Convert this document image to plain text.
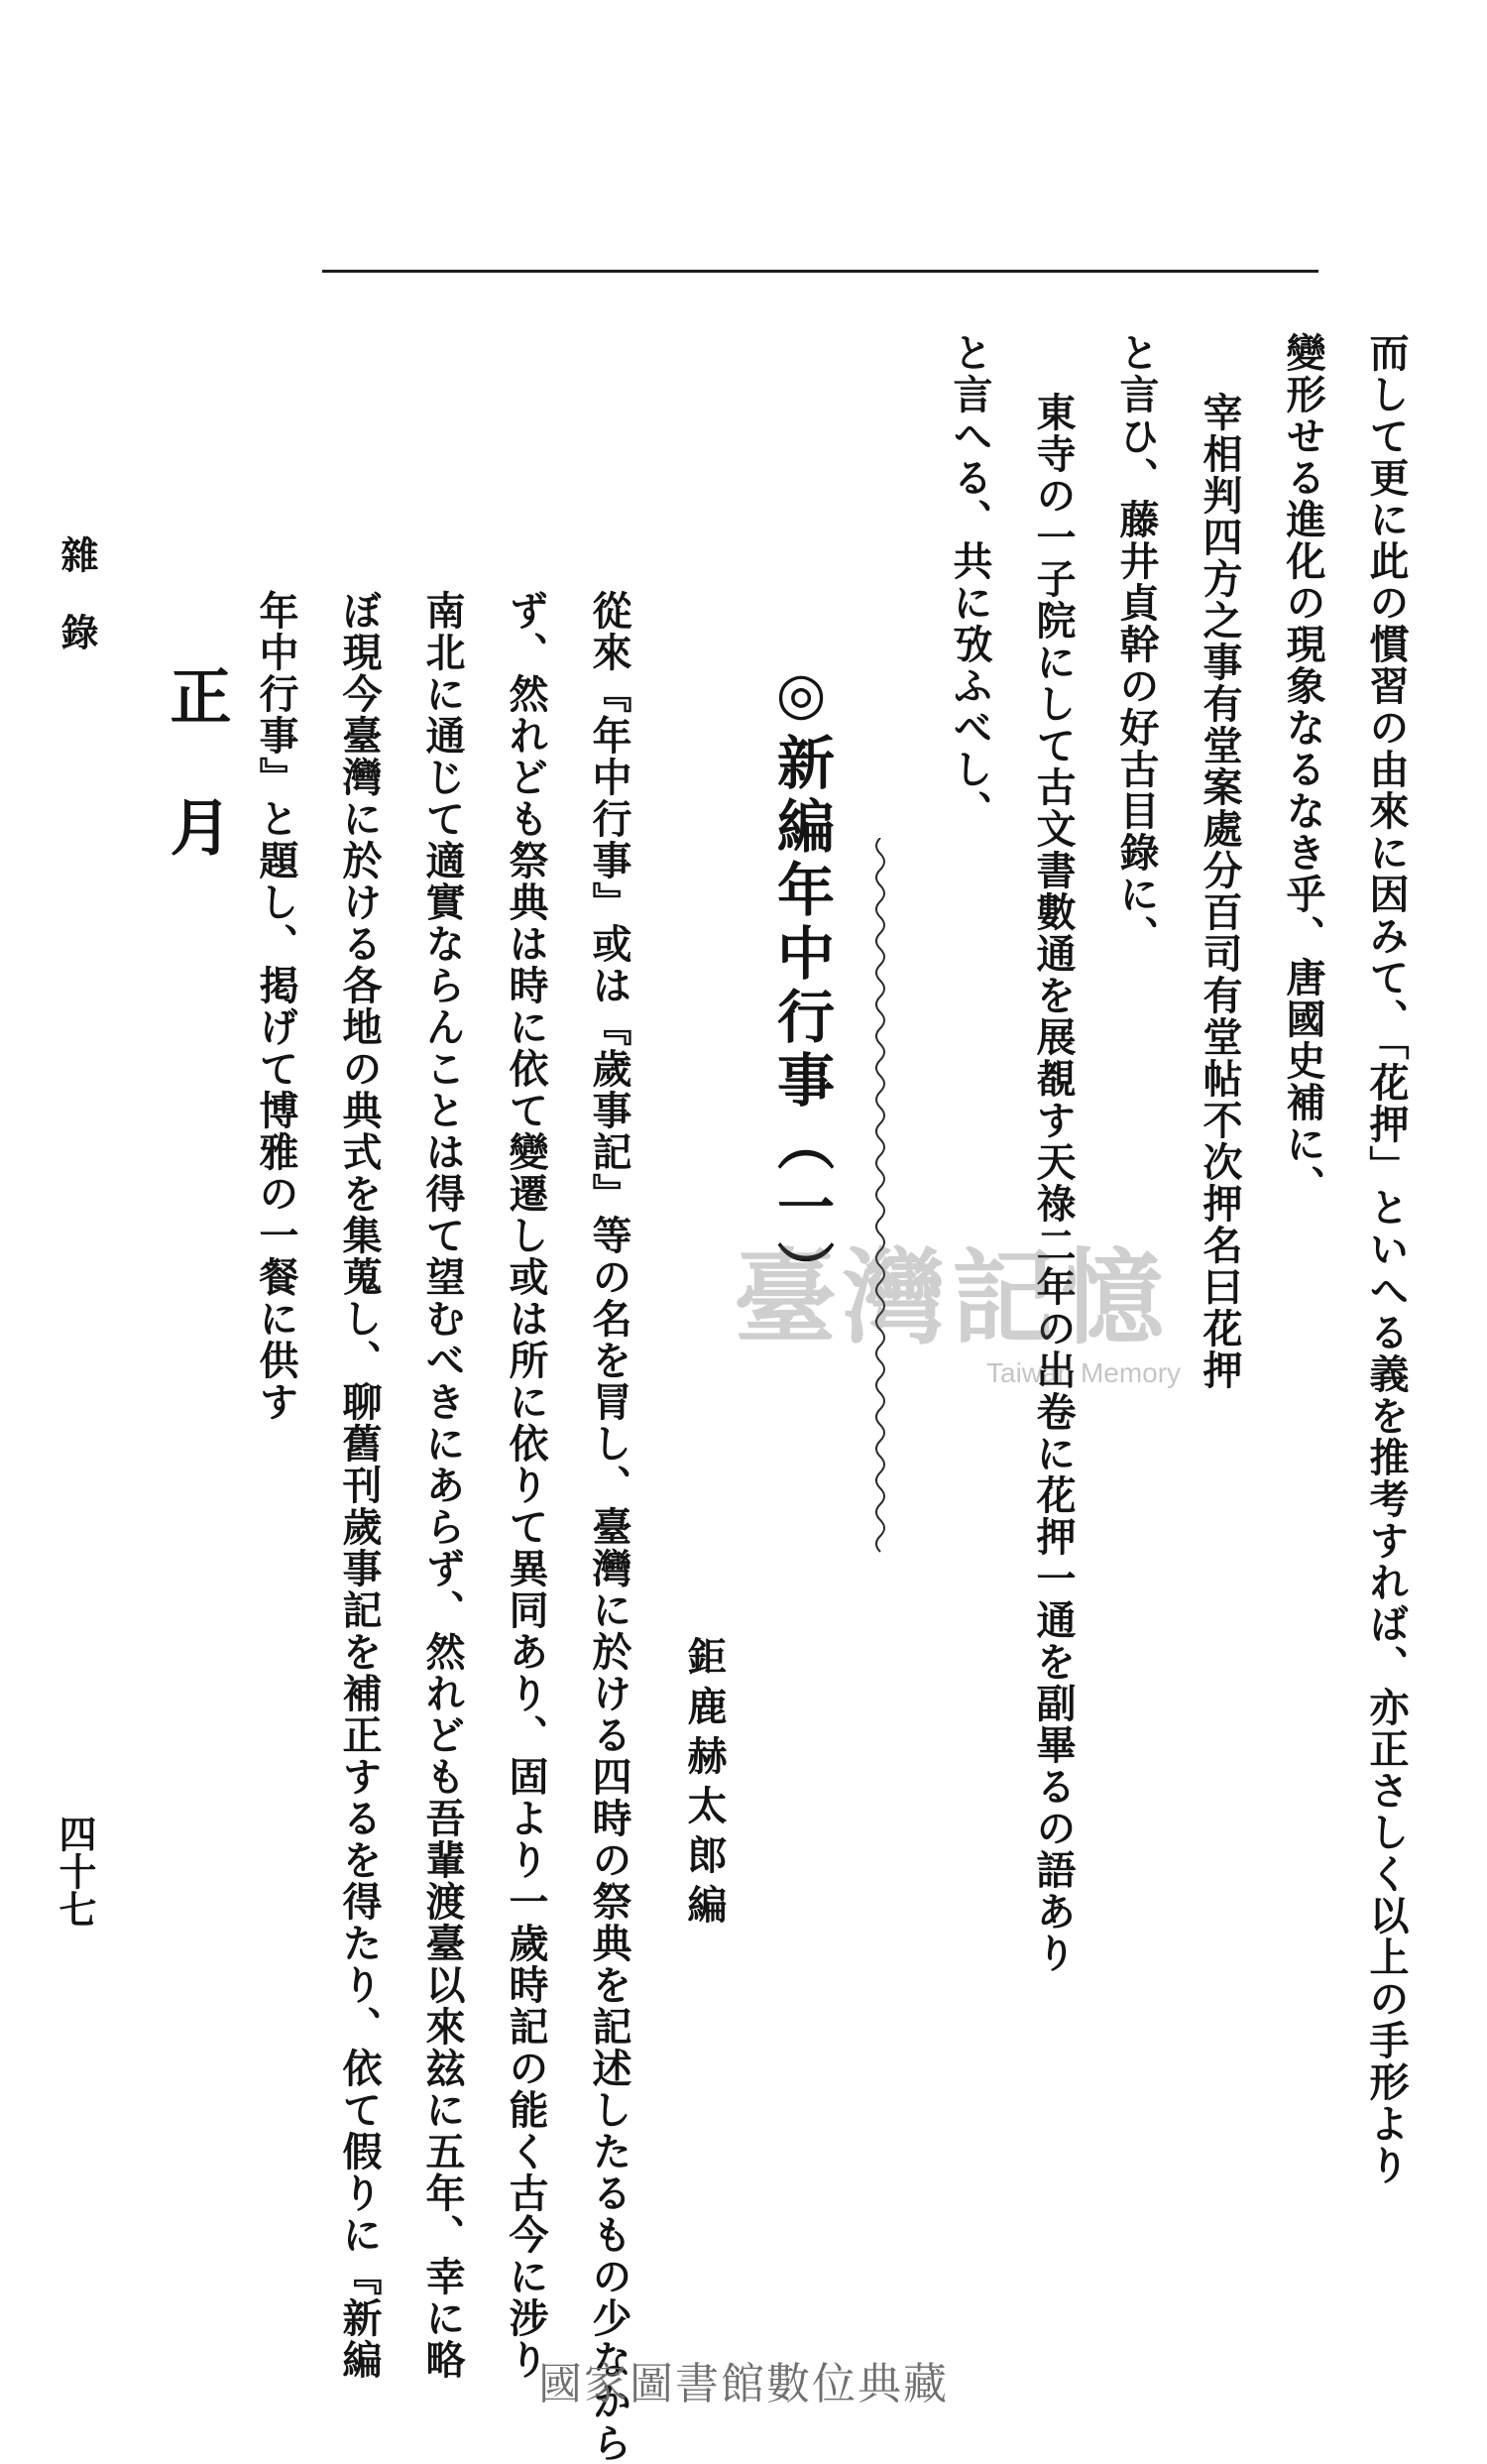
而して更に此の慣習の由來に因みて、「花押」といへる義を推考すれば、亦正さしく以上の手形より
變形せる進化の現象なるなき乎、唐國史補に、
宰相判四方之事有堂案處分百司有堂帖不次押名曰花押
と言ひ、藤井貞幹の好古目錄に、
東寺の一子院にして古文書數通を展覩す天祿二年の出卷に花押一通を副畢るの語あり
と言へる、共に攷ふべし、
◎新編年中行事（一）
鉅鹿赫太郎編
從來『年中行事』或は『歲事記』等の名を冐し、臺灣に於ける四時の祭典を記述したるもの少なから
ず、然れども祭典は時に依て變遷し或は所に依りて異同あり、固より一歲時記の能く古今に涉り
南北に通じて適實ならんことは得て望むべきにあらず、然れども吾輩渡臺以來玆に五年、幸に略
ぼ現今臺灣に於ける各地の典式を集蒐し、聊舊刊歲事記を補正するを得たり、依て假りに『新編
年中行事』と題し、掲げて博雅の一餐に供す
正月
雜錄
四十七
臺灣記憶
Taiwan Memory
國家圖書館數位典藏
